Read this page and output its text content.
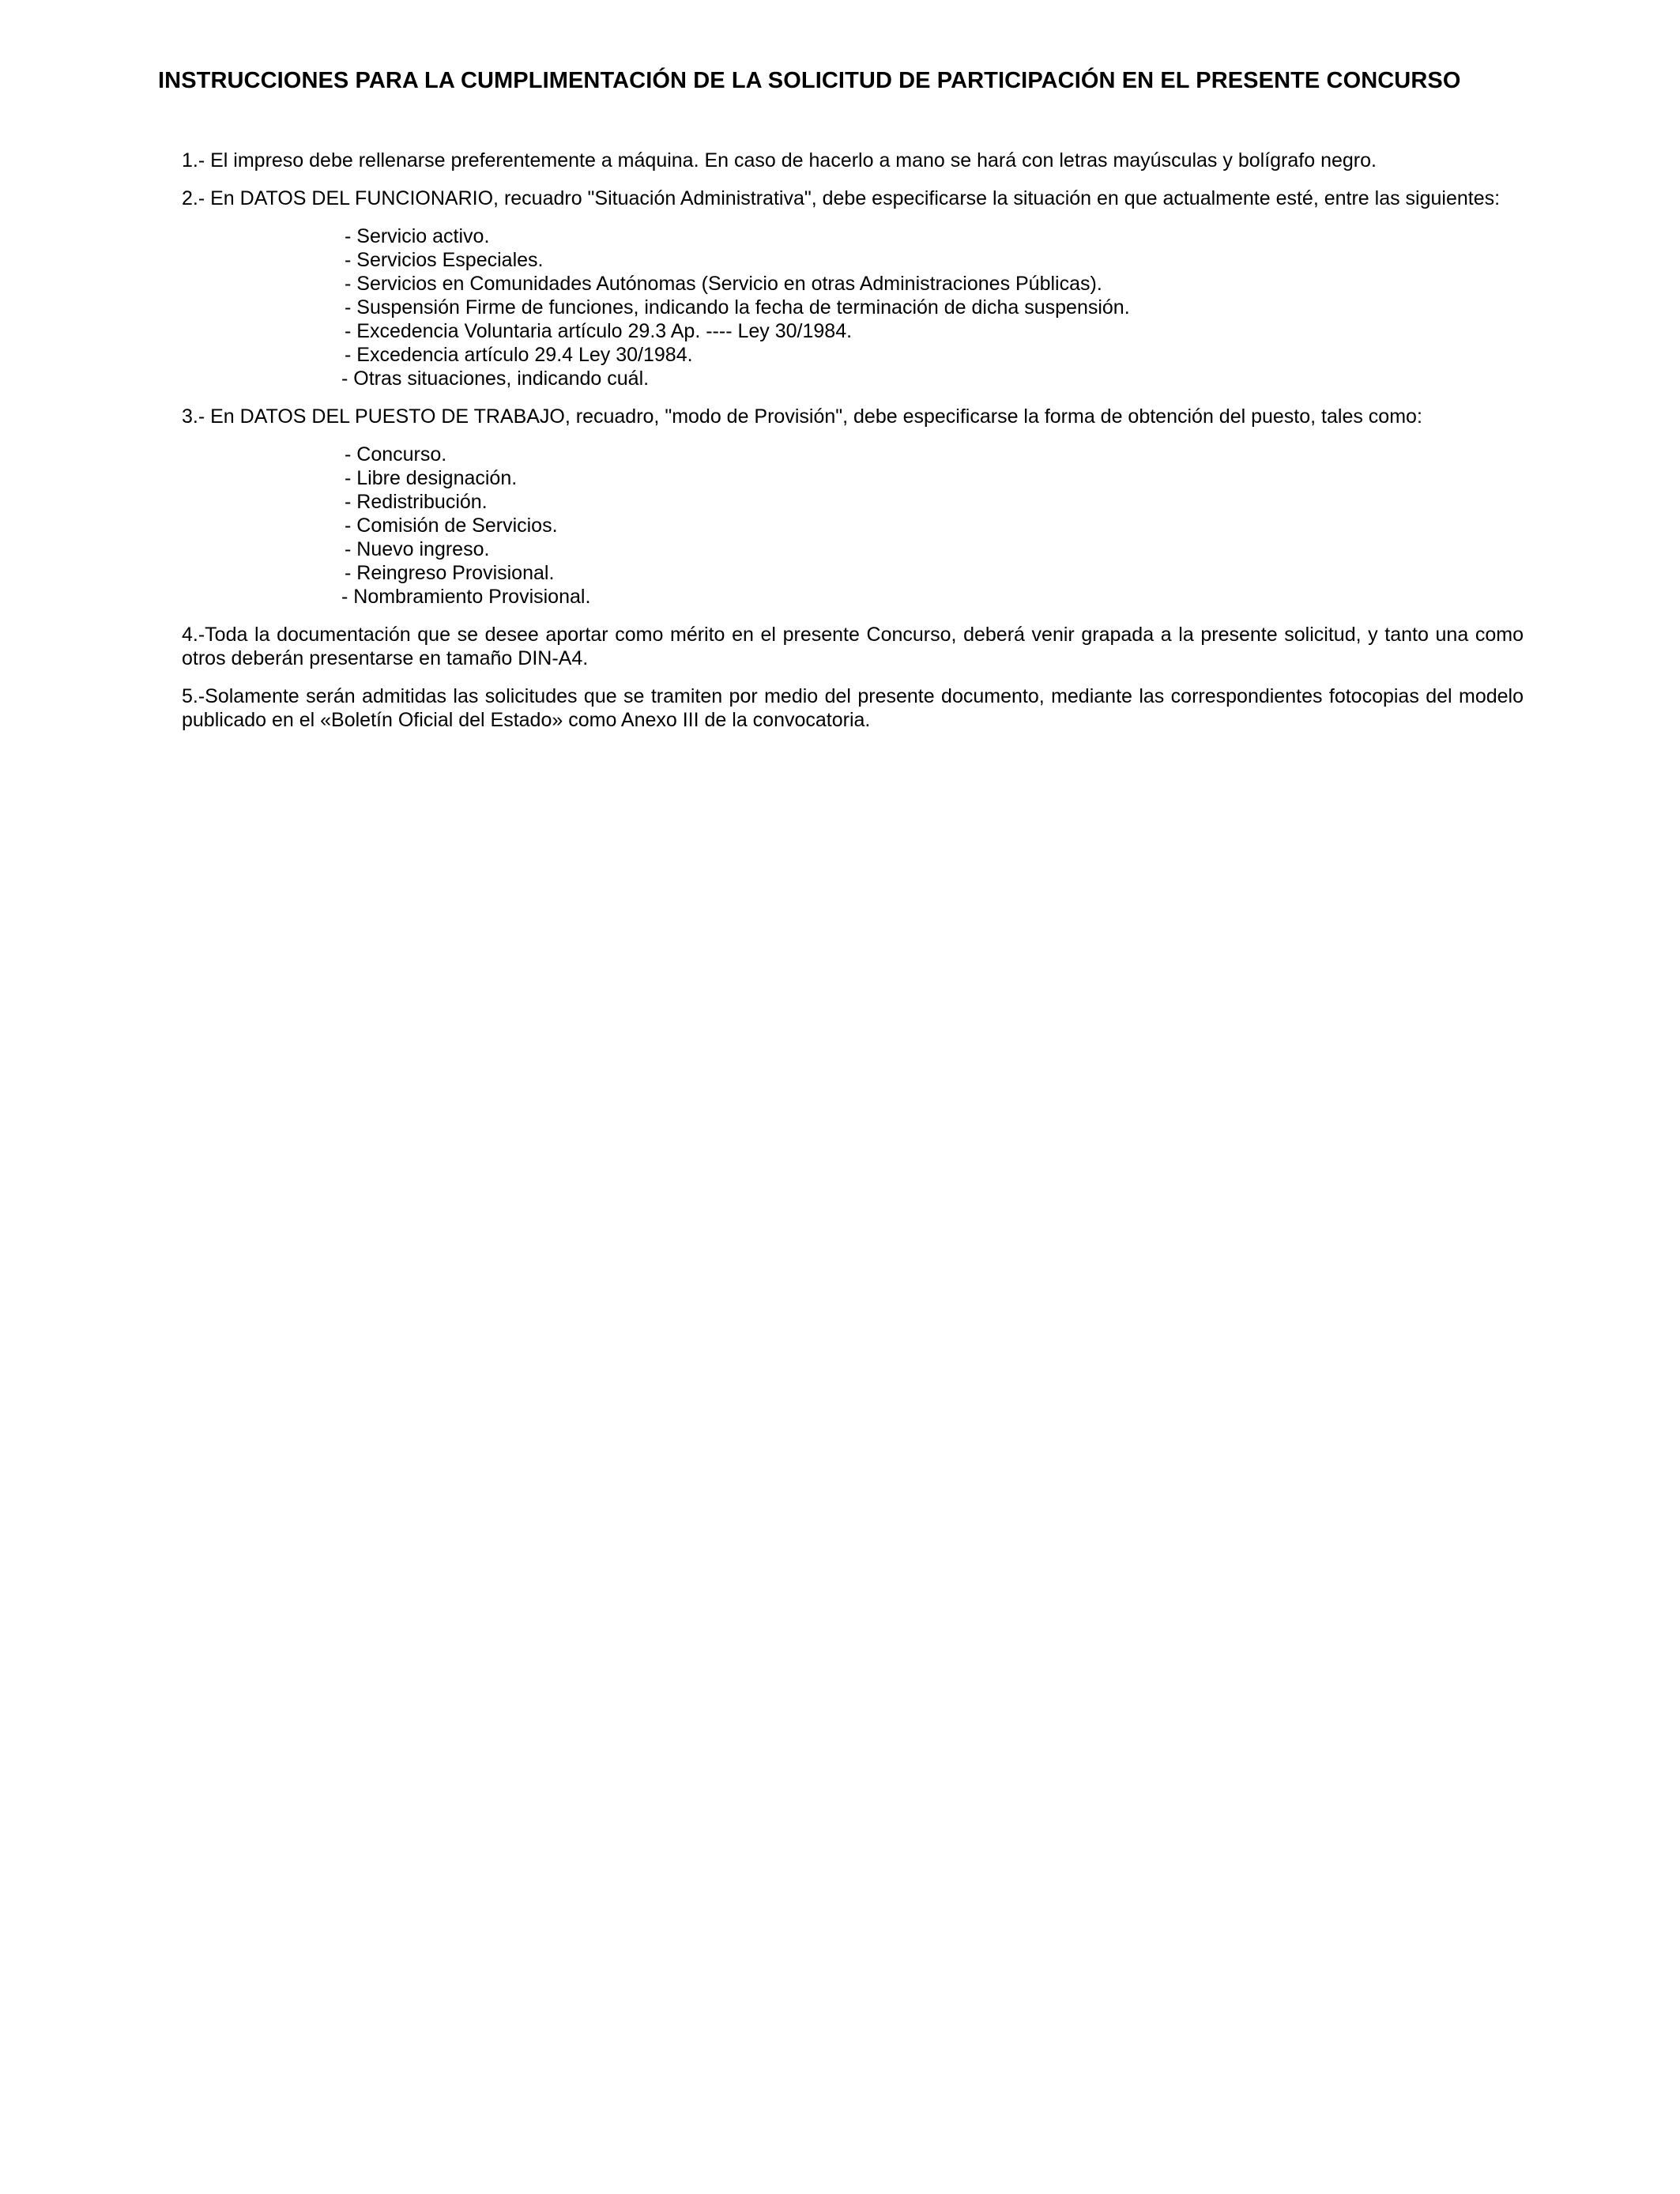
INSTRUCCIONES PARA LA CUMPLIMENTACIÓN DE LA SOLICITUD DE PARTICIPACIÓN EN EL PRESENTE CONCURSO

1.- El impreso debe rellenarse preferentemente a máquina. En caso de hacerlo a mano se hará con letras mayúsculas y bolígrafo negro.

2.- En DATOS DEL FUNCIONARIO, recuadro "Situación Administrativa", debe especificarse la situación en que actualmente esté, entre las siguientes:

- Servicio activo.
- Servicios Especiales.
- Servicios en Comunidades Autónomas (Servicio en otras Administraciones Públicas).
- Suspensión Firme de funciones, indicando la fecha de terminación de dicha suspensión.
- Excedencia Voluntaria artículo 29.3 Ap. ---- Ley 30/1984.
- Excedencia artículo 29.4 Ley 30/1984.
- Otras situaciones, indicando cuál.

3.- En DATOS DEL PUESTO DE TRABAJO, recuadro, "modo de Provisión", debe especificarse la forma de obtención del puesto, tales como:

- Concurso.
- Libre designación.
- Redistribución.
- Comisión de Servicios.
- Nuevo ingreso.
- Reingreso Provisional.
- Nombramiento Provisional.

4.-Toda la documentación que se desee aportar como mérito en el presente Concurso, deberá venir grapada a la presente solicitud, y tanto una como otros deberán presentarse en tamaño DIN-A4.

5.-Solamente serán admitidas las solicitudes que se tramiten por medio del presente documento, mediante las correspondientes fotocopias del modelo publicado en el «Boletín Oficial del Estado» como Anexo III de la convocatoria.
